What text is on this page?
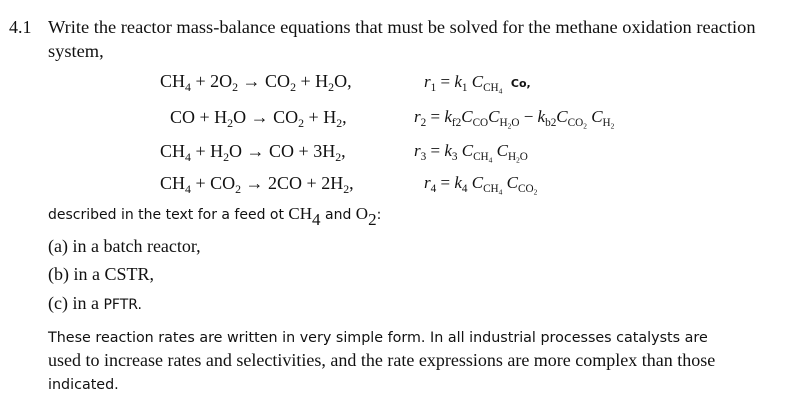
4.1 Write the reactor mass-balance equations that must be solved for the methane oxidation reaction
system,
$CH_4 + 2O_2 \to CO_2 + H_2O$,
CO + $H_2O \to CO_2 + H_2$,
$CH_4 + H_2O$ → CO + $3H_2$,
$CH_4 + CO_2 \to 2CO + 2H_2$,
$r_1 = k_1$ $C_{CH_4}$  Co,
$r_2 = k_{f2}C_{CO}C_{H_2O} - k_{b2}C_{CO_2}$ $C_{H_2}$
$r_3 = k_3$ $C_{CH_4}$ $C_{H_2O}$
$r_4 = k_4$ $C_{CH_4}$ $C_{CO_2}$
described in the text for a feed ot $CH_4$ and $O_2$:
(a) in a batch reactor,
(b) in a CSTR,
(c) in a PFTR.
These reaction rates are written in very simple form. In all industrial processes catalysts are
used to increase rates and selectivities, and the rate expressions are more complex than those
indicated.
